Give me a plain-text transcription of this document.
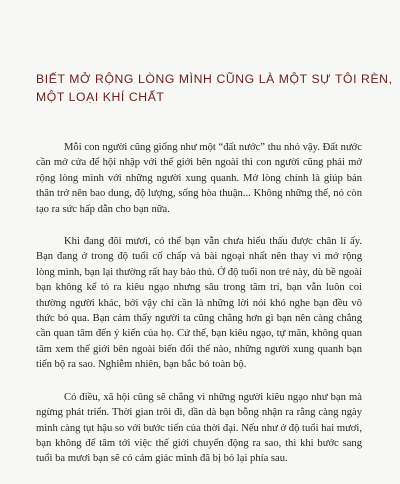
BIẾT MỞ RỘNG LÒNG MÌNH CŨNG LÀ MỘT SỰ TÔI RÈN,
MỘT LOẠI KHÍ CHẤT

Mỗi con người cũng giống như một “đất nước” thu nhỏ vậy. Đất nước cần mở cửa để hội nhập với thế giới bên ngoài thì con người cũng phải mở rộng lòng mình với những người xung quanh. Mở lòng chính là giúp bản thân trở nên bao dung, độ lượng, sống hòa thuận... Không những thế, nó còn tạo ra sức hấp dẫn cho bạn nữa.

Khi đang đôi mươi, có thể bạn vẫn chưa hiểu thấu được chân lí ấy. Bạn đang ở trong độ tuổi cố chấp và bài ngoại nhất nên thay vì mở rộng lòng mình, bạn lại thường rất hay bảo thủ. Ở độ tuổi non trẻ này, dù bề ngoài bạn không kể tỏ ra kiêu ngạo nhưng sâu trong tâm trí, bạn vẫn luôn coi thường người khác, bởi vậy chỉ cần là những lời nói khó nghe bạn đều vô thức bỏ qua. Bạn cảm thấy người ta cũng chẳng hơn gì bạn nên càng chẳng cần quan tâm đến ý kiến của họ. Cứ thế, bạn kiêu ngạo, tự mãn, không quan tâm xem thế giới bên ngoài biến đổi thế nào, những người xung quanh bạn tiến bộ ra sao. Nghiễm nhiên, bạn bắc bỏ toàn bộ.

Có điều, xã hội cũng sẽ chẳng vì những người kiêu ngạo như bạn mà ngừng phát triển. Thời gian trôi đi, dần dà bạn bỗng nhận ra rằng càng ngày mình càng tụt hậu so với bước tiến của thời đại. Nếu như ở độ tuổi hai mươi, bạn không để tâm tới việc thế giới chuyển động ra sao, thì khi bước sang tuổi ba mươi bạn sẽ có cảm giác mình đã bị bỏ lại phía sau.
